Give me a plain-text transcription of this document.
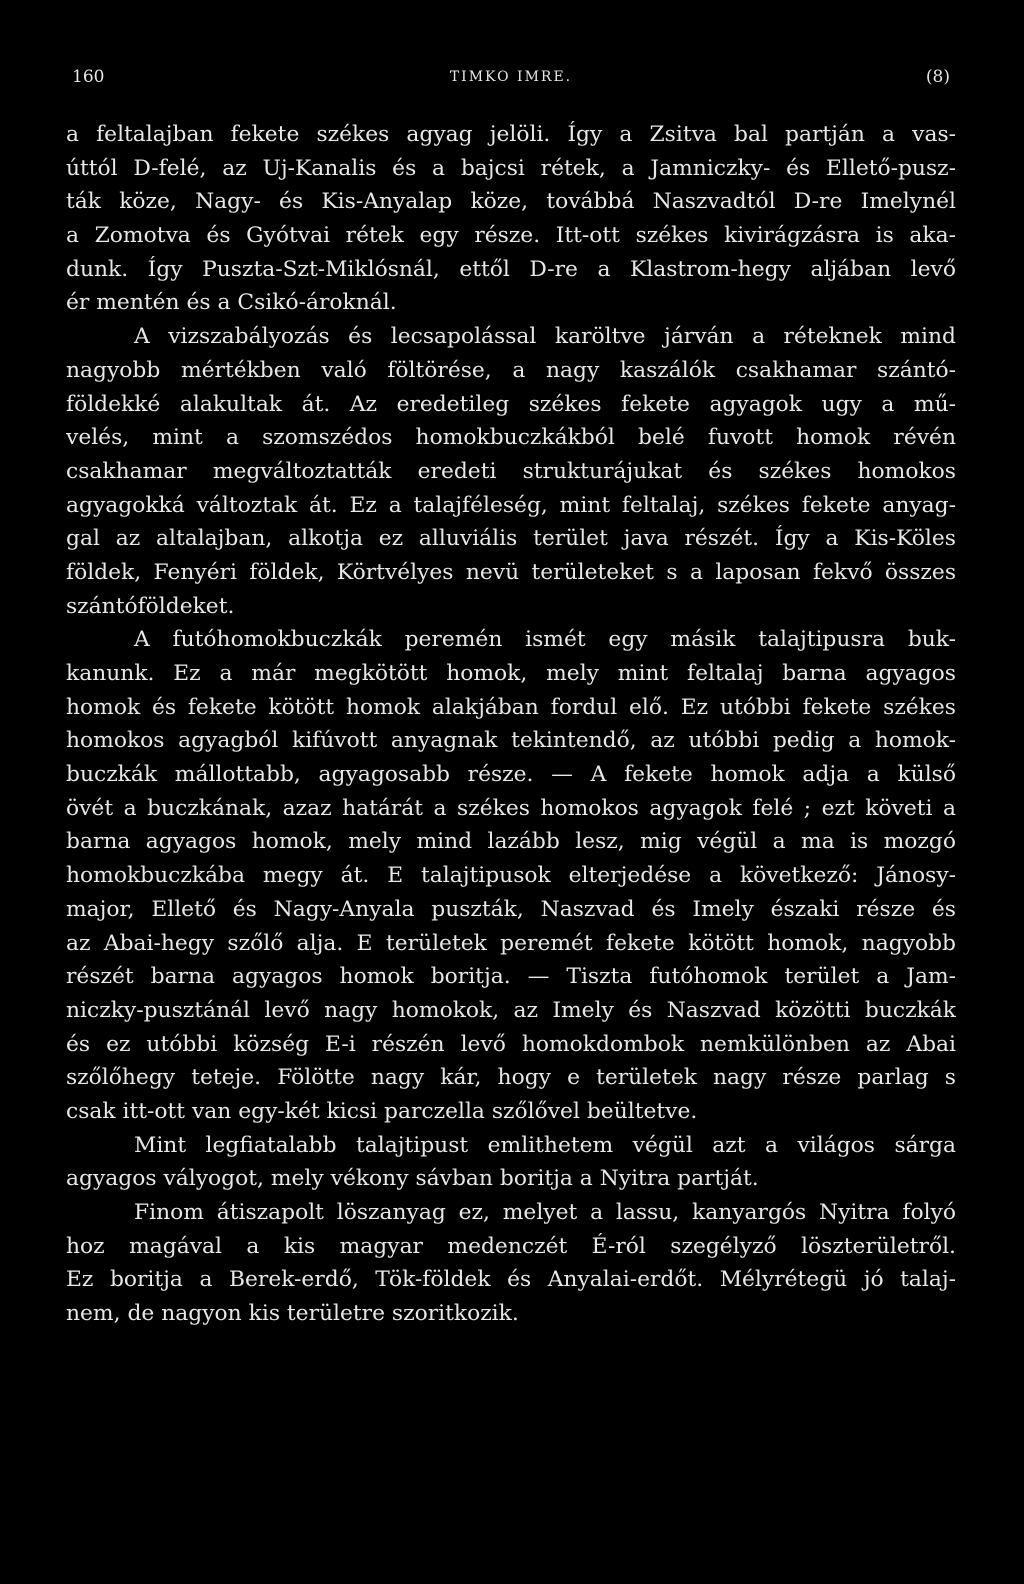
160	TIMKO IMRE.	(8)
a feltalajban fekete székes agyag jelöli. Így a Zsitva bal partján a vas-
úttól D-felé, az Uj-Kanalis és a bajcsi rétek, a Jamniczky- és Ellető-pusz-
ták köze, Nagy- és Kis-Anyalap köze, továbbá Naszvadtól D-re Imelynél
a Zomotva és Gyótvai rétek egy része. Itt-ott székes kivirágzásra is aka-
dunk. Így Puszta-Szt-Miklósnál, ettől D-re a Klastrom-hegy aljában levő
ér mentén és a Csikó-ároknál.
A vizszabályozás és lecsapolással karöltve járván a réteknek mind
nagyobb mértékben való föltörése, a nagy kaszálók csakhamar szántó-
földekké alakultak át. Az eredetileg székes fekete agyagok ugy a mű-
velés, mint a szomszédos homokbuczkákból belé fuvott homok révén
csakhamar megváltoztatták eredeti strukturájukat és székes homokos
agyagokká változtak át. Ez a talajféleség, mint feltalaj, székes fekete anyag-
gal az altalajban, alkotja ez alluviális terület java részét. Így a Kis-Köles
földek, Fenyéri földek, Körtvélyes nevü területeket s a laposan fekvő összes
szántóföldeket.
A futóhomokbuczkák peremén ismét egy másik talajtipusra buk-
kanunk. Ez a már megkötött homok, mely mint feltalaj barna agyagos
homok és fekete kötött homok alakjában fordul elő. Ez utóbbi fekete székes
homokos agyagból kifúvott anyagnak tekintendő, az utóbbi pedig a homok-
buczkák mállottabb, agyagosabb része. — A fekete homok adja a külső
övét a buczkának, azaz határát a székes homokos agyagok felé ; ezt követi a
barna agyagos homok, mely mind lazább lesz, mig végül a ma is mozgó
homokbuczkába megy át. E talajtipusok elterjedése a következő: Jánosy-
major, Ellető és Nagy-Anyala puszták, Naszvad és Imely északi része és
az Abai-hegy szőlő alja. E területek peremét fekete kötött homok, nagyobb
részét barna agyagos homok boritja. — Tiszta futóhomok terület a Jam-
niczky-pusztánál levő nagy homokok, az Imely és Naszvad közötti buczkák
és ez utóbbi község E-i részén levő homokdombok nemkülönben az Abai
szőlőhegy teteje. Fölötte nagy kár, hogy e területek nagy része parlag s
csak itt-ott van egy-két kicsi parczella szőlővel beültetve.
Mint legfiatalabb talajtipust emlithetem végül azt a világos sárga
agyagos vályogot, mely vékony sávban boritja a Nyitra partját.
Finom átiszapolt löszanyag ez, melyet a lassu, kanyargós Nyitra folyó
hoz magával a kis magyar medenczét É-ról szegélyző löszterületről.
Ez boritja a Berek-erdő, Tök-földek és Anyalai-erdőt. Mélyrétegü jó talaj-
nem, de nagyon kis területre szoritkozik.
